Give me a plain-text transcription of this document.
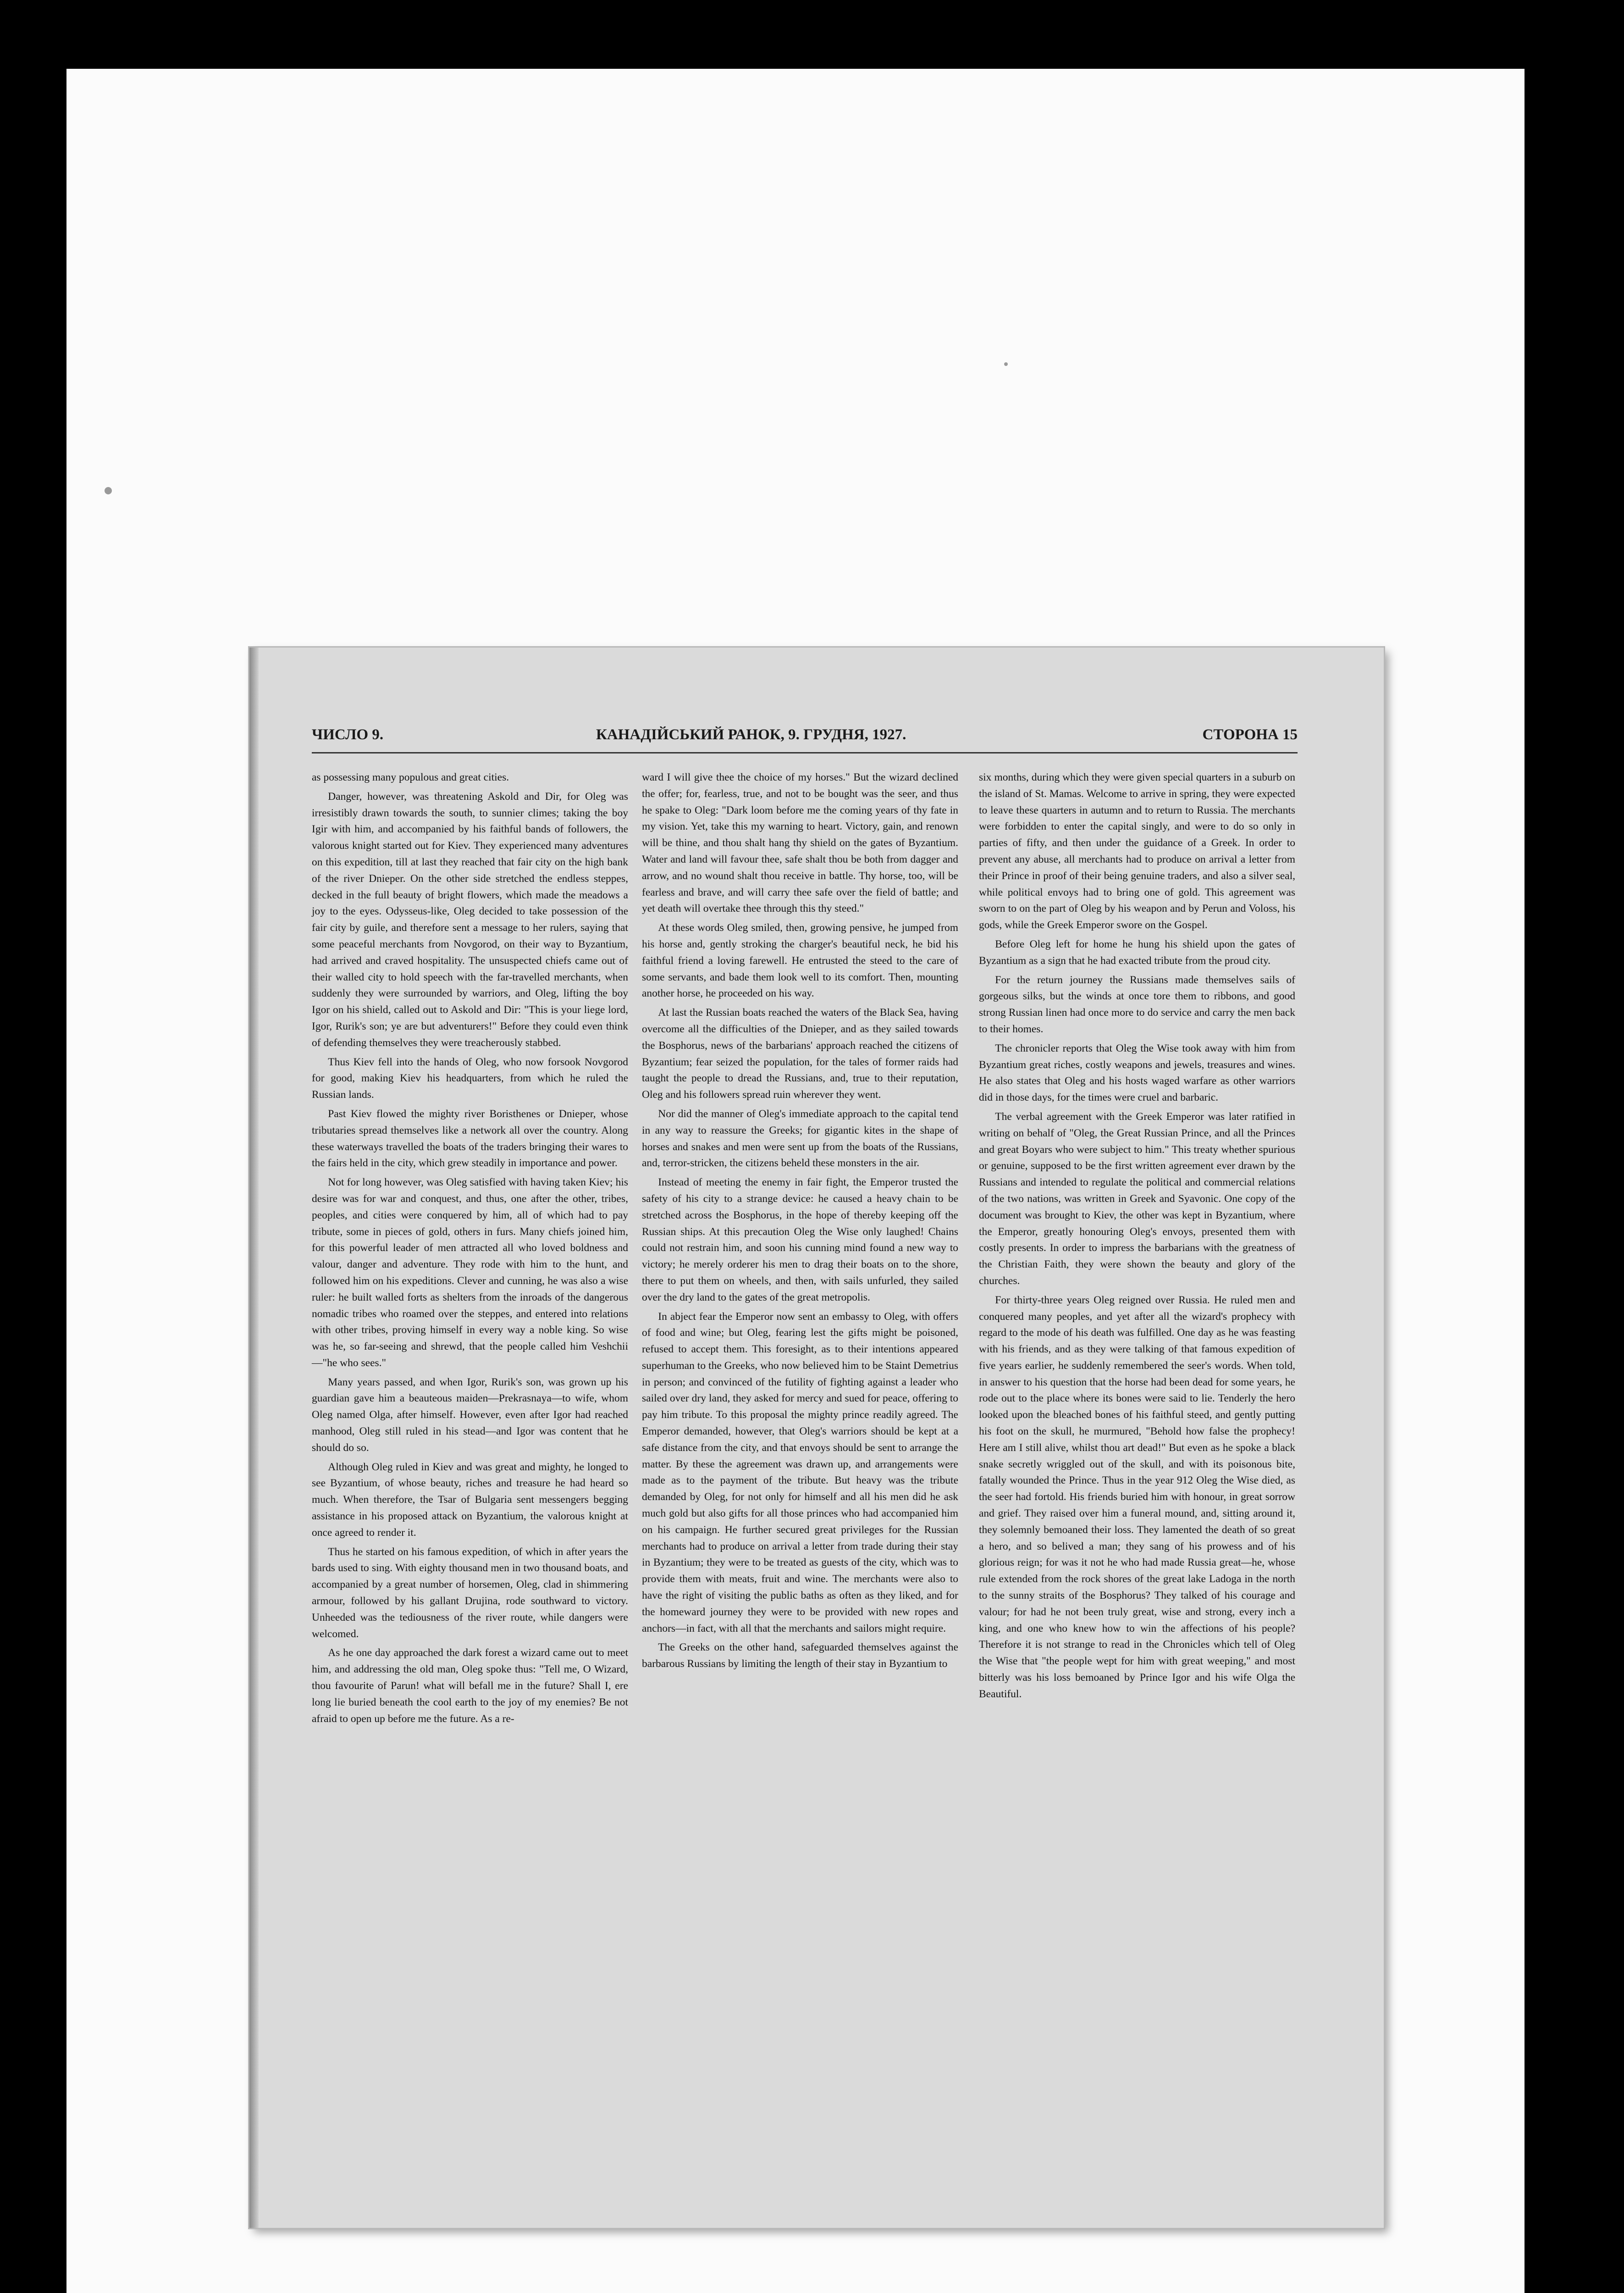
ЧИСЛО 9.	КАНАДІЙСЬКИЙ РАНОК, 9. ГРУДНЯ, 1927.	СТОРОНА 15

as possessing many populous and great cities.

Danger, however, was threatening Askold and Dir, for Oleg was irresistibly drawn towards the south, to sunnier climes; taking the boy Igir with him, and accompanied by his faithful bands of followers, the valorous knight started out for Kiev. They experienced many adventures on this expedition, till at last they reached that fair city on the high bank of the river Dnieper. On the other side stretched the endless steppes, decked in the full beauty of bright flowers, which made the meadows a joy to the eyes. Odysseus-like, Oleg decided to take possession of the fair city by guile, and therefore sent a message to her rulers, saying that some peaceful merchants from Novgorod, on their way to Byzantium, had arrived and craved hospitality. The unsuspected chiefs came out of their walled city to hold speech with the far-travelled merchants, when suddenly they were surrounded by warriors, and Oleg, lifting the boy Igor on his shield, called out to Askold and Dir: "This is your liege lord, Igor, Rurik's son; ye are but adventurers!" Before they could even think of defending themselves they were treacherously stabbed.

Thus Kiev fell into the hands of Oleg, who now forsook Novgorod for good, making Kiev his headquarters, from which he ruled the Russian lands.

Past Kiev flowed the mighty river Boristhenes or Dnieper, whose tributaries spread themselves like a network all over the country. Along these waterways travelled the boats of the traders bringing their wares to the fairs held in the city, which grew steadily in importance and power.

Not for long however, was Oleg satisfied with having taken Kiev; his desire was for war and conquest, and thus, one after the other, tribes, peoples, and cities were conquered by him, all of which had to pay tribute, some in pieces of gold, others in furs. Many chiefs joined him, for this powerful leader of men attracted all who loved boldness and valour, danger and adventure. They rode with him to the hunt, and followed him on his expeditions. Clever and cunning, he was also a wise ruler: he built walled forts as shelters from the inroads of the dangerous nomadic tribes who roamed over the steppes, and entered into relations with other tribes, proving himself in every way a noble king. So wise was he, so far-seeing and shrewd, that the people called him Veshchii—"he who sees."

Many years passed, and when Igor, Rurik's son, was grown up his guardian gave him a beauteous maiden—Prekrasnaya—to wife, whom Oleg named Olga, after himself. However, even after Igor had reached manhood, Oleg still ruled in his stead—and Igor was content that he should do so.

Although Oleg ruled in Kiev and was great and mighty, he longed to see Byzantium, of whose beauty, riches and treasure he had heard so much. When therefore, the Tsar of Bulgaria sent messengers begging assistance in his proposed attack on Byzantium, the valorous knight at once agreed to render it.

Thus he started on his famous expedition, of which in after years the bards used to sing. With eighty thousand men in two thousand boats, and accompanied by a great number of horsemen, Oleg, clad in shimmering armour, followed by his gallant Drujina, rode southward to victory. Unheeded was the tediousness of the river route, while dangers were welcomed.

As he one day approached the dark forest a wizard came out to meet him, and addressing the old man, Oleg spoke thus: "Tell me, O Wizard, thou favourite of Parun! what will befall me in the future? Shall I, ere long lie buried beneath the cool earth to the joy of my enemies? Be not afraid to open up before me the future. As a re-

ward I will give thee the choice of my horses." But the wizard declined the offer; for, fearless, true, and not to be bought was the seer, and thus he spake to Oleg: "Dark loom before me the coming years of thy fate in my vision. Yet, take this my warning to heart. Victory, gain, and renown will be thine, and thou shalt hang thy shield on the gates of Byzantium. Water and land will favour thee, safe shalt thou be both from dagger and arrow, and no wound shalt thou receive in battle. Thy horse, too, will be fearless and brave, and will carry thee safe over the field of battle; and yet death will overtake thee through this thy steed."

At these words Oleg smiled, then, growing pensive, he jumped from his horse and, gently stroking the charger's beautiful neck, he bid his faithful friend a loving farewell. He entrusted the steed to the care of some servants, and bade them look well to its comfort. Then, mounting another horse, he proceeded on his way.

At last the Russian boats reached the waters of the Black Sea, having overcome all the difficulties of the Dnieper, and as they sailed towards the Bosphorus, news of the barbarians' approach reached the citizens of Byzantium; fear seized the population, for the tales of former raids had taught the people to dread the Russians, and, true to their reputation, Oleg and his followers spread ruin wherever they went.

Nor did the manner of Oleg's immediate approach to the capital tend in any way to reassure the Greeks; for gigantic kites in the shape of horses and snakes and men were sent up from the boats of the Russians, and, terror-stricken, the citizens beheld these monsters in the air.

Instead of meeting the enemy in fair fight, the Emperor trusted the safety of his city to a strange device: he caused a heavy chain to be stretched across the Bosphorus, in the hope of thereby keeping off the Russian ships. At this precaution Oleg the Wise only laughed! Chains could not restrain him, and soon his cunning mind found a new way to victory; he merely orderer his men to drag their boats on to the shore, there to put them on wheels, and then, with sails unfurled, they sailed over the dry land to the gates of the great metropolis.

In abject fear the Emperor now sent an embassy to Oleg, with offers of food and wine; but Oleg, fearing lest the gifts might be poisoned, refused to accept them. This foresight, as to their intentions appeared superhuman to the Greeks, who now believed him to be Staint Demetrius in person; and convinced of the futility of fighting against a leader who sailed over dry land, they asked for mercy and sued for peace, offering to pay him tribute. To this proposal the mighty prince readily agreed. The Emperor demanded, however, that Oleg's warriors should be kept at a safe distance from the city, and that envoys should be sent to arrange the matter. By these the agreement was drawn up, and arrangements were made as to the payment of the tribute. But heavy was the tribute demanded by Oleg, for not only for himself and all his men did he ask much gold but also gifts for all those princes who had accompanied him on his campaign. He further secured great privileges for the Russian merchants had to produce on arrival a letter from trade during their stay in Byzantium; they were to be treated as guests of the city, which was to provide them with meats, fruit and wine. The merchants were also to have the right of visiting the public baths as often as they liked, and for the homeward journey they were to be provided with new ropes and anchors—in fact, with all that the merchants and sailors might require.

The Greeks on the other hand, safeguarded themselves against the barbarous Russians by limiting the length of their stay in Byzantium to

six months, during which they were given special quarters in a suburb on the island of St. Mamas. Welcome to arrive in spring, they were expected to leave these quarters in autumn and to return to Russia. The merchants were forbidden to enter the capital singly, and were to do so only in parties of fifty, and then under the guidance of a Greek. In order to prevent any abuse, all merchants had to produce on arrival a letter from their Prince in proof of their being genuine traders, and also a silver seal, while political envoys had to bring one of gold. This agreement was sworn to on the part of Oleg by his weapon and by Perun and Voloss, his gods, while the Greek Emperor swore on the Gospel.

Before Oleg left for home he hung his shield upon the gates of Byzantium as a sign that he had exacted tribute from the proud city.

For the return journey the Russians made themselves sails of gorgeous silks, but the winds at once tore them to ribbons, and good strong Russian linen had once more to do service and carry the men back to their homes.

The chronicler reports that Oleg the Wise took away with him from Byzantium great riches, costly weapons and jewels, treasures and wines. He also states that Oleg and his hosts waged warfare as other warriors did in those days, for the times were cruel and barbaric.

The verbal agreement with the Greek Emperor was later ratified in writing on behalf of "Oleg, the Great Russian Prince, and all the Princes and great Boyars who were subject to him." This treaty whether spurious or genuine, supposed to be the first written agreement ever drawn by the Russians and intended to regulate the political and commercial relations of the two nations, was written in Greek and Syavonic. One copy of the document was brought to Kiev, the other was kept in Byzantium, where the Emperor, greatly honouring Oleg's envoys, presented them with costly presents. In order to impress the barbarians with the greatness of the Christian Faith, they were shown the beauty and glory of the churches.

For thirty-three years Oleg reigned over Russia. He ruled men and conquered many peoples, and yet after all the wizard's prophecy with regard to the mode of his death was fulfilled. One day as he was feasting with his friends, and as they were talking of that famous expedition of five years earlier, he suddenly remembered the seer's words. When told, in answer to his question that the horse had been dead for some years, he rode out to the place where its bones were said to lie. Tenderly the hero looked upon the bleached bones of his faithful steed, and gently putting his foot on the skull, he murmured, "Behold how false the prophecy! Here am I still alive, whilst thou art dead!" But even as he spoke a black snake secretly wriggled out of the skull, and with its poisonous bite, fatally wounded the Prince. Thus in the year 912 Oleg the Wise died, as the seer had fortold. His friends buried him with honour, in great sorrow and grief. They raised over him a funeral mound, and, sitting around it, they solemnly bemoaned their loss. They lamented the death of so great a hero, and so belived a man; they sang of his prowess and of his glorious reign; for was it not he who had made Russia great—he, whose rule extended from the rock shores of the great lake Ladoga in the north to the sunny straits of the Bosphorus? They talked of his courage and valour; for had he not been truly great, wise and strong, every inch a king, and one who knew how to win the affections of his people? Therefore it is not strange to read in the Chronicles which tell of Oleg the Wise that "the people wept for him with great weeping," and most bitterly was his loss bemoaned by Prince Igor and his wife Olga the Beautiful.
